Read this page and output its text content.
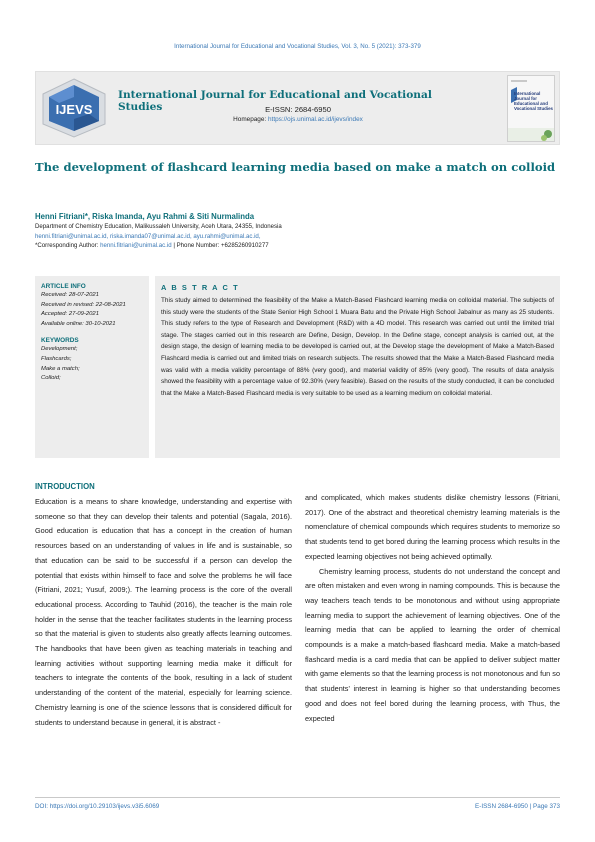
International Journal for Educational and Vocational Studies, Vol. 3, No. 5 (2021): 373-379
IJEVS
International Journal for Educational and Vocational Studies	E-ISSN: 2684-6950
Homepage: https://ojs.unimal.ac.id/ijevs/index
International Journal for Educational and Vocational Studies
The development of flashcard learning media based on make a match on colloid
Henni Fitriani*, Riska Imanda, Ayu Rahmi & Siti Nurmalinda
Department of Chemistry Education, Malikussaleh University, Aceh Utara, 24355, Indonesia
henni.fitriani@unimal.ac.id, riska.imanda07@unimal.ac.id, ayu.rahmi@unimal.ac.id,
*Corresponding Author: henni.fitriani@unimal.ac.id | Phone Number: +6285260910277
ARTICLE INFO
Received: 28-07-2021
Received in revised: 22-08-2021
Accepted: 27-09-2021
Available online: 30-10-2021
KEYWORDS
Development;
Flashcards;
Make a match;
Colloid;
A B S T R A C T
This study aimed to determined the feasibility of the Make a Match-Based Flashcard learning media on colloidal material. The subjects of this study were the students of the State Senior High School 1 Muara Batu and the Private High School Jabalnur as many as 25 students. This study refers to the type of Research and Development (R&D) with a 4D model. This research was carried out until the limited trial stage. The stages carried out in this research are Define, Design, Develop. In the Define stage, concept analysis is carried out, at the design stage, the design of learning media to be developed is carried out, at the Develop stage the development of Make a Match-Based Flashcard media is carried out and limited trials on research subjects. The results showed that the Make a Match-Based Flashcard media was valid with a media validity percentage of 88% (very good), and material validity of 85% (very good). The results of data analysis showed the feasibility with a percentage value of 92.30% (very feasible). Based on the results of the study conducted, it can be concluded that the Make a Match-Based Flashcard media is very suitable to be used as a learning medium on colloidal material.
INTRODUCTION

Education is a means to share knowledge, understanding and expertise with someone so that they can develop their talents and potential (Sagala, 2016). Good education is education that has a concept in the creation of human resources based on an understanding of values in life and is sustainable, so that education can be said to be successful if a person can develop the potential that exists within himself to face and solve the problems he will face (Fitriani, 2021; Yusuf, 2009;). The learning process is the core of the overall educational process. According to Tauhid (2016), the teacher is the main role holder in the sense that the teacher facilitates students in the learning process so that the material is given to students also greatly affects learning outcomes. The handbooks that have been given as teaching materials in teaching and learning activities without supporting learning media make it difficult for teachers to integrate the contents of the book, resulting in a lack of student understanding of the content of the material, especially for learning science. Chemistry learning is one of the science lessons that is considered difficult for students to understand because in general, it is abstract -

and complicated, which makes students dislike chemistry lessons (Fitriani, 2017). One of the abstract and theoretical chemistry learning materials is the nomenclature of chemical compounds which requires students to memorize so that students tend to get bored during the learning process which results in the expected learning objectives not being achieved optimally.

Chemistry learning process, students do not understand the concept and are often mistaken and even wrong in naming compounds. This is because the way teachers teach tends to be monotonous and without using appropriate learning media to support the achievement of learning objectives. One of the learning media that can be applied to learning the order of chemical compounds is a make a match-based flashcard media. Make a match-based flashcard media is a card media that can be applied to deliver subject matter with game elements so that the learning process is not monotonous and fun so that students' interest in learning is higher so that understanding becomes good and does not feel bored during the learning process, with Thus, the expected

DOI: https://doi.org/10.29103/ijevs.v3i5.6069	E-ISSN 2684-6950 | Page 373
